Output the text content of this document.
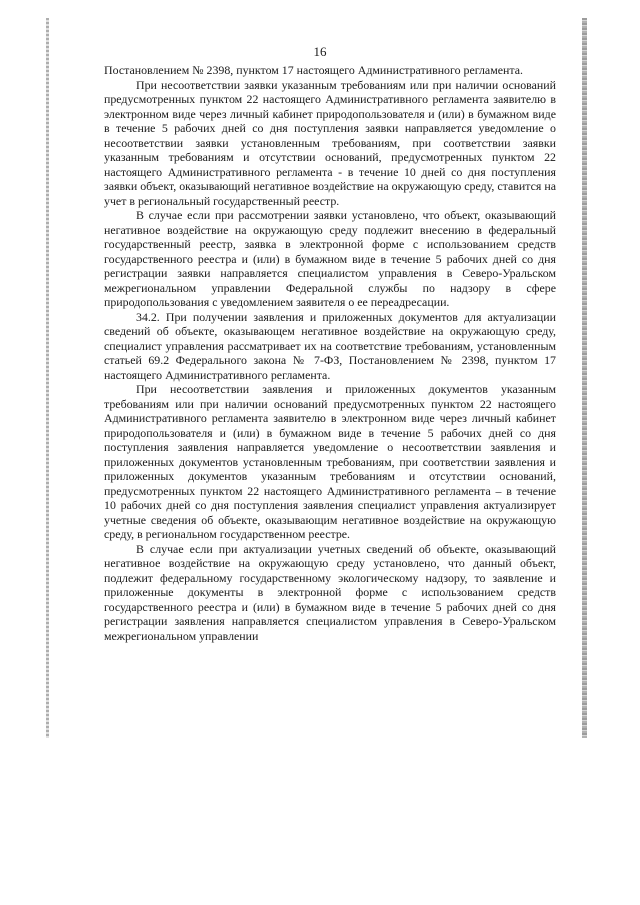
16

Постановлением № 2398, пунктом 17 настоящего Административного регламента.

При несоответствии заявки указанным требованиям или при наличии оснований предусмотренных пунктом 22 настоящего Административного регламента заявителю в электронном виде через личный кабинет природопользователя и (или) в бумажном виде в течение 5 рабочих дней со дня поступления заявки направляется уведомление о несоответствии заявки установленным требованиям, при соответствии заявки указанным требованиям и отсутствии оснований, предусмотренных пунктом 22 настоящего Административного регламента - в течение 10 дней со дня поступления заявки объект, оказывающий негативное воздействие на окружающую среду, ставится на учет в региональный государственный реестр.

В случае если при рассмотрении заявки установлено, что объект, оказывающий негативное воздействие на окружающую среду подлежит внесению в федеральный государственный реестр, заявка в электронной форме с использованием средств государственного реестра и (или) в бумажном виде в течение 5 рабочих дней со дня регистрации заявки направляется специалистом управления в Северо-Уральском межрегиональном управлении Федеральной службы по надзору в сфере природопользования с уведомлением заявителя о ее переадресации.

34.2. При получении заявления и приложенных документов для актуализации сведений об объекте, оказывающем негативное воздействие на окружающую среду, специалист управления рассматривает их на соответствие требованиям, установленным статьей 69.2 Федерального закона № 7-ФЗ, Постановлением № 2398, пунктом 17 настоящего Административного регламента.

При несоответствии заявления и приложенных документов указанным требованиям или при наличии оснований предусмотренных пунктом 22 настоящего Административного регламента заявителю в электронном виде через личный кабинет природопользователя и (или) в бумажном виде в течение 5 рабочих дней со дня поступления заявления направляется уведомление о несоответствии заявления и приложенных документов установленным требованиям, при соответствии заявления и приложенных документов указанным требованиям и отсутствии оснований, предусмотренных пунктом 22 настоящего Административного регламента – в течение 10 рабочих дней со дня поступления заявления специалист управления актуализирует учетные сведения об объекте, оказывающим негативное воздействие на окружающую среду, в региональном государственном реестре.

В случае если при актуализации учетных сведений об объекте, оказывающий негативное воздействие на окружающую среду установлено, что данный объект, подлежит федеральному государственному экологическому надзору, то заявление и приложенные документы в электронной форме с использованием средств государственного реестра и (или) в бумажном виде в течение 5 рабочих дней со дня регистрации заявления направляется специалистом управления в Северо-Уральском межрегиональном управлении
